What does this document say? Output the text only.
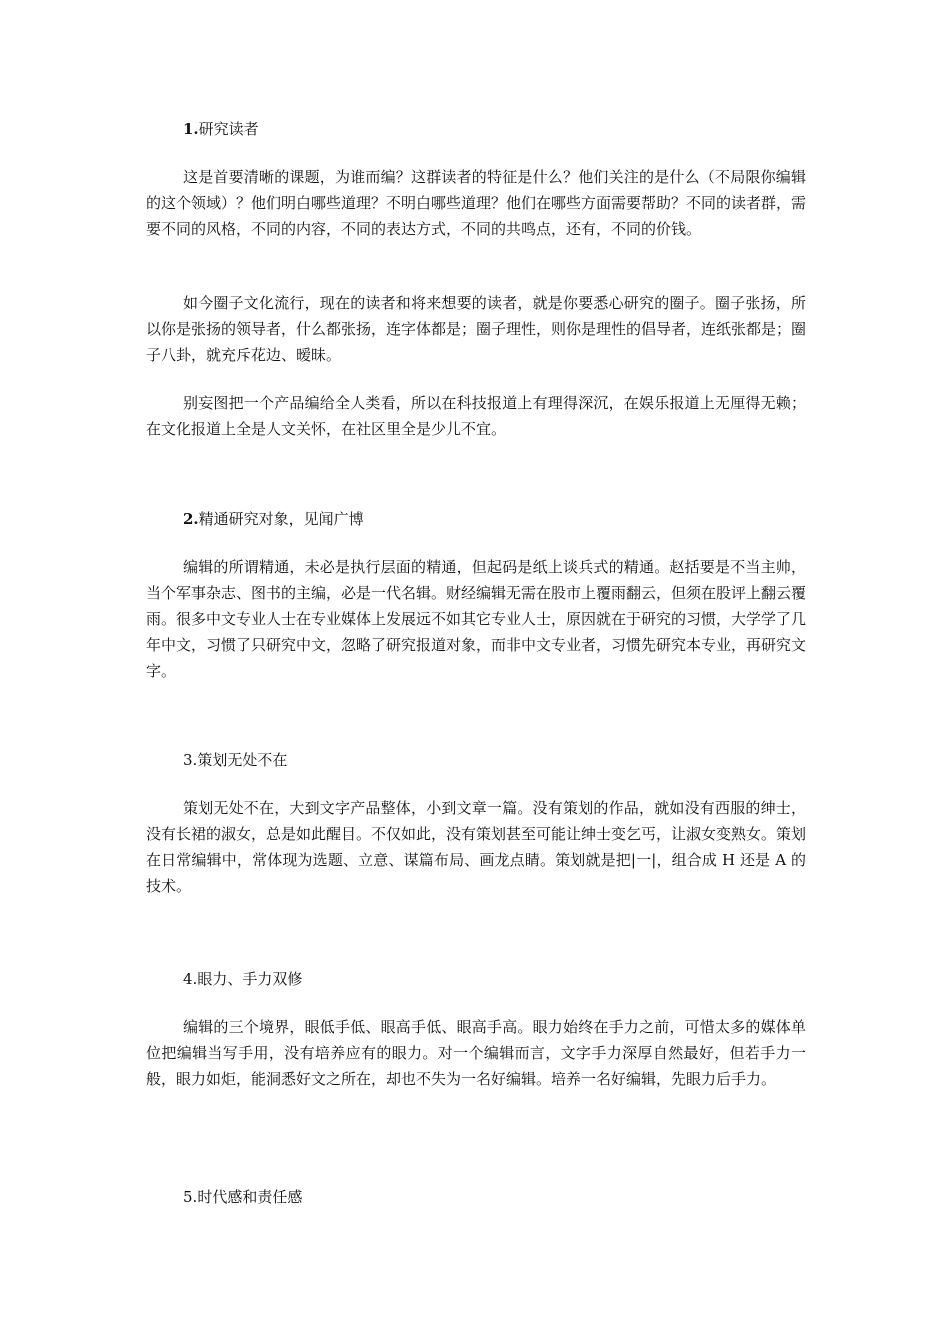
1.研究读者

这是首要清晰的课题，为谁而编？这群读者的特征是什么？他们关注的是什么（不局限你编辑的这个领域）？他们明白哪些道理？不明白哪些道理？他们在哪些方面需要帮助？不同的读者群，需要不同的风格，不同的内容，不同的表达方式，不同的共鸣点，还有，不同的价钱。

如今圈子文化流行，现在的读者和将来想要的读者，就是你要悉心研究的圈子。圈子张扬，所以你是张扬的领导者，什么都张扬，连字体都是；圈子理性，则你是理性的倡导者，连纸张都是；圈子八卦，就充斥花边、暧昧。

别妄图把一个产品编给全人类看，所以在科技报道上有理得深沉，在娱乐报道上无厘得无赖；在文化报道上全是人文关怀，在社区里全是少儿不宜。

2.精通研究对象，见闻广博

编辑的所谓精通，未必是执行层面的精通，但起码是纸上谈兵式的精通。赵括要是不当主帅，当个军事杂志、图书的主编，必是一代名辑。财经编辑无需在股市上覆雨翻云，但须在股评上翻云覆雨。很多中文专业人士在专业媒体上发展远不如其它专业人士，原因就在于研究的习惯，大学学了几年中文，习惯了只研究中文，忽略了研究报道对象，而非中文专业者，习惯先研究本专业，再研究文字。

3.策划无处不在

策划无处不在，大到文字产品整体，小到文章一篇。没有策划的作品，就如没有西服的绅士，没有长裙的淑女，总是如此醒目。不仅如此，没有策划甚至可能让绅士变乞丐，让淑女变熟女。策划在日常编辑中，常体现为选题、立意、谋篇布局、画龙点睛。策划就是把|一|，组合成 H 还是 A 的技术。

4.眼力、手力双修

编辑的三个境界，眼低手低、眼高手低、眼高手高。眼力始终在手力之前，可惜太多的媒体单位把编辑当写手用，没有培养应有的眼力。对一个编辑而言，文字手力深厚自然最好，但若手力一般，眼力如炬，能洞悉好文之所在，却也不失为一名好编辑。培养一名好编辑，先眼力后手力。

5.时代感和责任感
